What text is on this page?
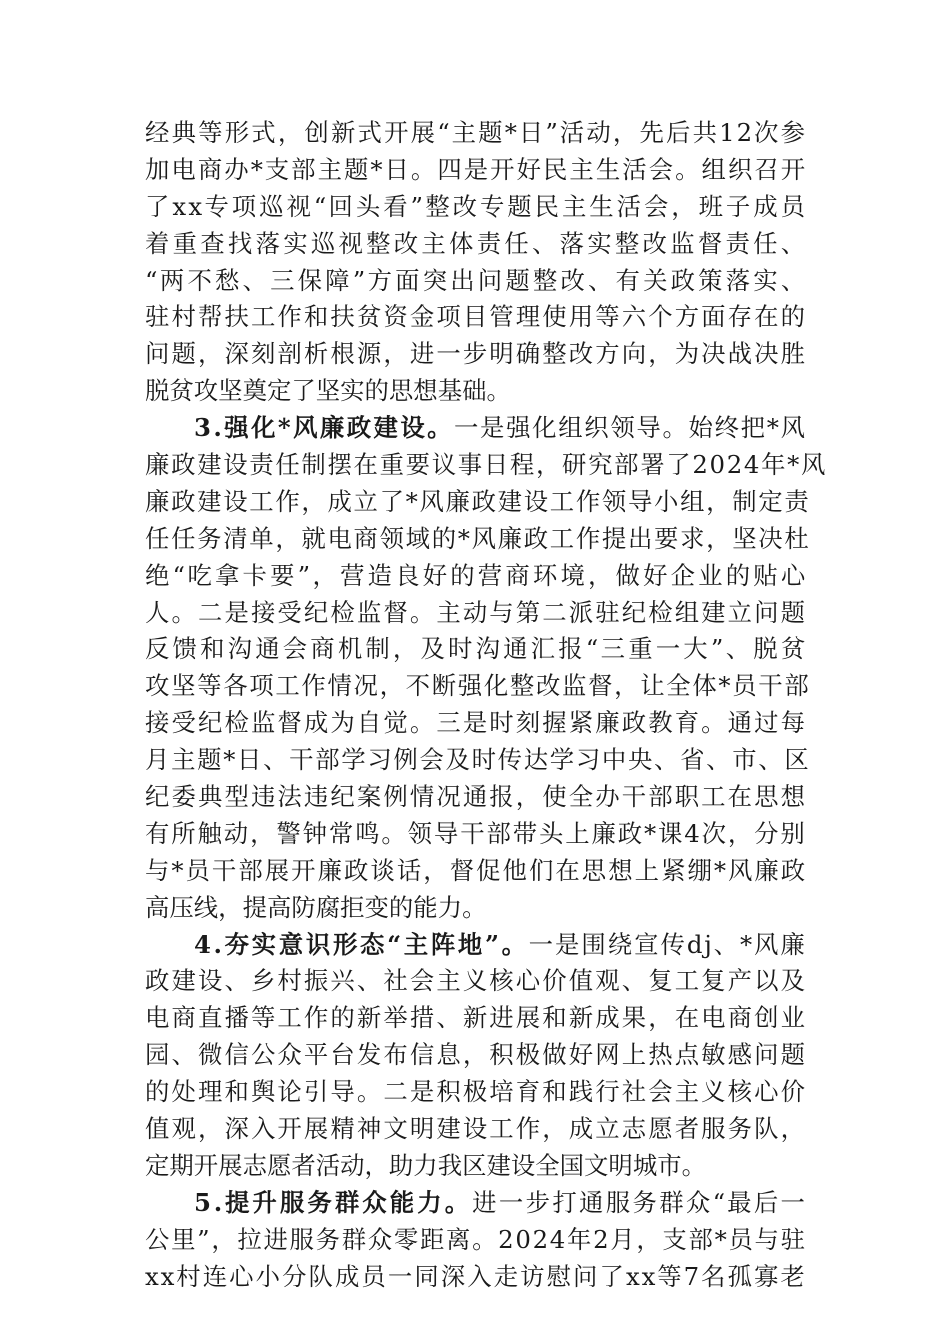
经 典 等 形 式 ， 创 新 式 开 展 “ 主 题 * 日 ” 活 动 ， 先 后 共 1 2 次 参
加 电 商 办 * 支 部 主 题 * 日 。 四 是 开 好 民 主 生 活 会 。 组 织 召 开
了 x x 专 项 巡 视 “ 回 头 看 ” 整 改 专 题 民 主 生 活 会 ， 班 子 成 员
着 重 查 找 落 实 巡 视 整 改 主 体 责 任 、 落 实 整 改 监 督 责 任 、
“ 两 不 愁 、 三 保 障 ” 方 面 突 出 问 题 整 改 、 有 关 政 策 落 实 、
驻 村 帮 扶 工 作 和 扶 贫 资 金 项 目 管 理 使 用 等 六 个 方 面 存 在 的
问 题 ， 深 刻 剖 析 根 源 ， 进 一 步 明 确 整 改 方 向 ， 为 决 战 决 胜
脱贫攻坚奠定了坚实的思想基础。
3 . 强 化 * 风 廉 政 建 设 。 一 是 强 化 组 织 领 导 。 始 终 把 * 风
廉 政 建 设 责 任 制 摆 在 重 要 议 事 日 程 ， 研 究 部 署 了 2 0 2 4 年 * 风
廉 政 建 设 工 作 ， 成 立 了 * 风 廉 政 建 设 工 作 领 导 小 组 ， 制 定 责
任 任 务 清 单 ， 就 电 商 领 域 的 * 风 廉 政 工 作 提 出 要 求 ， 坚 决 杜
绝 “ 吃 拿 卡 要 ” ， 营 造 良 好 的 营 商 环 境 ， 做 好 企 业 的 贴 心
人 。 二 是 接 受 纪 检 监 督 。 主 动 与 第 二 派 驻 纪 检 组 建 立 问 题
反 馈 和 沟 通 会 商 机 制 ， 及 时 沟 通 汇 报 “ 三 重 一 大 ” 、 脱 贫
攻 坚 等 各 项 工 作 情 况 ， 不 断 强 化 整 改 监 督 ， 让 全 体 * 员 干 部
接 受 纪 检 监 督 成 为 自 觉 。 三 是 时 刻 握 紧 廉 政 教 育 。 通 过 每
月 主 题 * 日 、 干 部 学 习 例 会 及 时 传 达 学 习 中 央 、 省 、 市 、 区
纪 委 典 型 违 法 违 纪 案 例 情 况 通 报 ， 使 全 办 干 部 职 工 在 思 想
有 所 触 动 ， 警 钟 常 鸣 。 领 导 干 部 带 头 上 廉 政 * 课 4 次 ， 分 别
与 * 员 干 部 展 开 廉 政 谈 话 ， 督 促 他 们 在 思 想 上 紧 绷 * 风 廉 政
高压线，提高防腐拒变的能力。
4 . 夯 实 意 识 形 态 “ 主 阵 地 ” 。 一 是 围 绕 宣 传 d j 、 * 风 廉
政 建 设 、 乡 村 振 兴 、 社 会 主 义 核 心 价 值 观 、 复 工 复 产 以 及
电 商 直 播 等 工 作 的 新 举 措 、 新 进 展 和 新 成 果 ， 在 电 商 创 业
园 、 微 信 公 众 平 台 发 布 信 息 ， 积 极 做 好 网 上 热 点 敏 感 问 题
的 处 理 和 舆 论 引 导 。 二 是 积 极 培 育 和 践 行 社 会 主 义 核 心 价
值 观 ， 深 入 开 展 精 神 文 明 建 设 工 作 ， 成 立 志 愿 者 服 务 队 ，
定期开展志愿者活动，助力我区建设全国文明城市。
5 . 提 升 服 务 群 众 能 力 。 进 一 步 打 通 服 务 群 众 “ 最 后 一
公 里 ” ， 拉 进 服 务 群 众 零 距 离 。 2 0 2 4 年 2 月 ， 支 部 * 员 与 驻
x x 村 连 心 小 分 队 成 员 一 同 深 入 走 访 慰 问 了 x x 等 7 名 孤 寡 老
